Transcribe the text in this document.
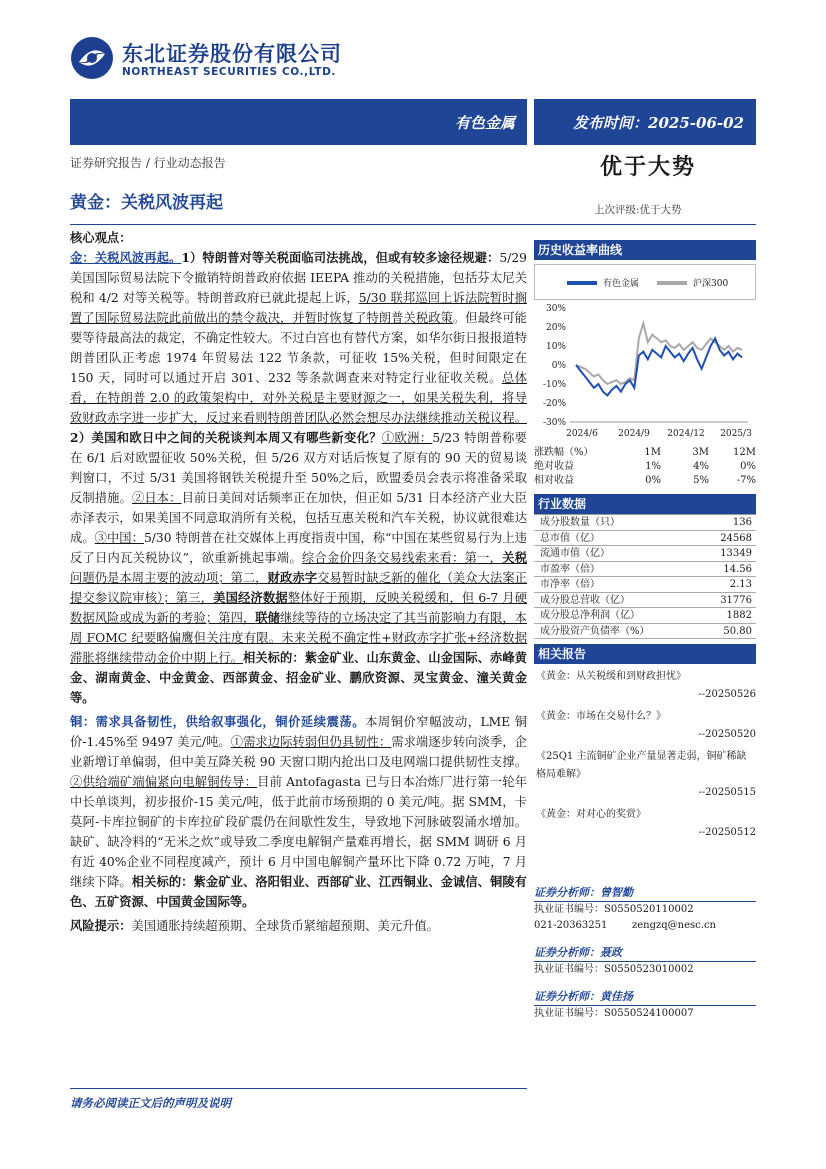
东北证券股份有限公司
NORTHEAST SECURITIES CO.,LTD.
有色金属	发布时间：2025-06-02
证券研究报告 / 行业动态报告	优于大势
黄金：关税风波再起	上次评级:优于大势

核心观点：

金：关税风波再起。1）特朗普对等关税面临司法挑战，但或有较多途径规避：5/29 美国国际贸易法院下令撤销特朗普政府依据 IEEPA 推动的关税措施，包括芬太尼关税和 4/2 对等关税等。特朗普政府已就此提起上诉，5/30 联邦巡回上诉法院暂时搁置了国际贸易法院此前做出的禁令裁决，并暂时恢复了特朗普关税政策。但最终可能要等待最高法的裁定，不确定性较大。不过白宫也有替代方案，如华尔街日报报道特朗普团队正考虑 1974 年贸易法 122 节条款，可征收 15%关税，但时间限定在 150 天，同时可以通过开启 301、232 等条款调查来对特定行业征收关税。总体看，在特朗普 2.0 的政策架构中，对外关税是主要财源之一，如果关税失利，将导致财政赤字进一步扩大，反过来看则特朗普团队必然会想尽办法继续推动关税议程。2）美国和欧日中之间的关税谈判本周又有哪些新变化？①欧洲：5/23 特朗普称要在 6/1 后对欧盟征收 50%关税，但 5/26 双方对话后恢复了原有的 90 天的贸易谈判窗口，不过 5/31 美国将钢铁关税提升至 50%之后，欧盟委员会表示将准备采取反制措施。②日本：目前日美间对话频率正在加快，但正如 5/31 日本经济产业大臣赤泽表示，如果美国不同意取消所有关税，包括互惠关税和汽车关税，协议就很难达成。③中国：5/30 特朗普在社交媒体上再度指责中国，称“中国在某些贸易行为上违反了日内瓦关税协议”，欲重新挑起事端。综合金价四条交易线索来看：第一，关税问题仍是本周主要的波动项；第二，财政赤字交易暂时缺乏新的催化（美众大法案正提交参议院审核）；第三，美国经济数据整体好于预期，反映关税缓和，但 6-7 月硬数据风险或成为新的考验；第四，联储继续等待的立场决定了其当前影响力有限，本周 FOMC 纪要略偏鹰但关注度有限。未来关税不确定性+财政赤字扩张+经济数据滞胀将继续带动金价中期上行。相关标的：紫金矿业、山东黄金、山金国际、赤峰黄金、湖南黄金、中金黄金、西部黄金、招金矿业、鹏欣资源、灵宝黄金、潼关黄金等。

铜：需求具备韧性，供给叙事强化，铜价延续震荡。本周铜价窄幅波动，LME 铜价-1.45%至 9497 美元/吨。①需求边际转弱但仍具韧性：需求端逐步转向淡季，企业新增订单偏弱，但中美互降关税 90 天窗口期内抢出口及电网端口提供韧性支撑。②供给端矿端偏紧向电解铜传导：目前 Antofagasta 已与日本冶炼厂进行第一轮年中长单谈判，初步报价-15 美元/吨，低于此前市场预期的 0 美元/吨。据 SMM，卡莫阿-卡库拉铜矿的卡库拉矿段矿震仍在间歇性发生，导致地下河脉破裂涌水增加。缺矿、缺冷料的“无米之炊”或导致二季度电解铜产量难再增长，据 SMM 调研 6 月有近 40%企业不同程度减产，预计 6 月中国电解铜产量环比下降 0.72 万吨，7 月继续下降。相关标的：紫金矿业、洛阳钼业、西部矿业、江西铜业、金诚信、铜陵有色、五矿资源、中国黄金国际等。

风险提示：美国通胀持续超预期、全球货币紧缩超预期、美元升值。

请务必阅读正文后的声明及说明
历史收益率曲线
有色金属	沪深300
30%
20%
10%
0%
-10%
-20%
-30%
2024/6 2024/9 2024/12 2025/3
涨跌幅（%）	1M	3M	12M
绝对收益	1%	4%	0%
相对收益	0%	5%	-7%
行业数据
成分股数量（只）	136
总市值（亿）	24568
流通市值（亿）	13349
市盈率（倍）	14.56
市净率（倍）	2.13
成分股总营收（亿）	31776
成分股总净利润（亿）	1882
成分股资产负债率（%）	50.80
相关报告
《黄金：从关税缓和到财政担忧》
--20250526
《黄金：市场在交易什么？》
--20250520
《25Q1 主流铜矿企业产量显著走弱，铜矿稀缺格局难解》
--20250515
《黄金：对对心的奖赏》
--20250512
证券分析师：曾智勤
执业证书编号：S0550520110002
021-20363251 zengzq@nesc.cn
证券分析师：聂政
执业证书编号：S0550523010002
证券分析师：黄佳扬
执业证书编号：S0550524100007
